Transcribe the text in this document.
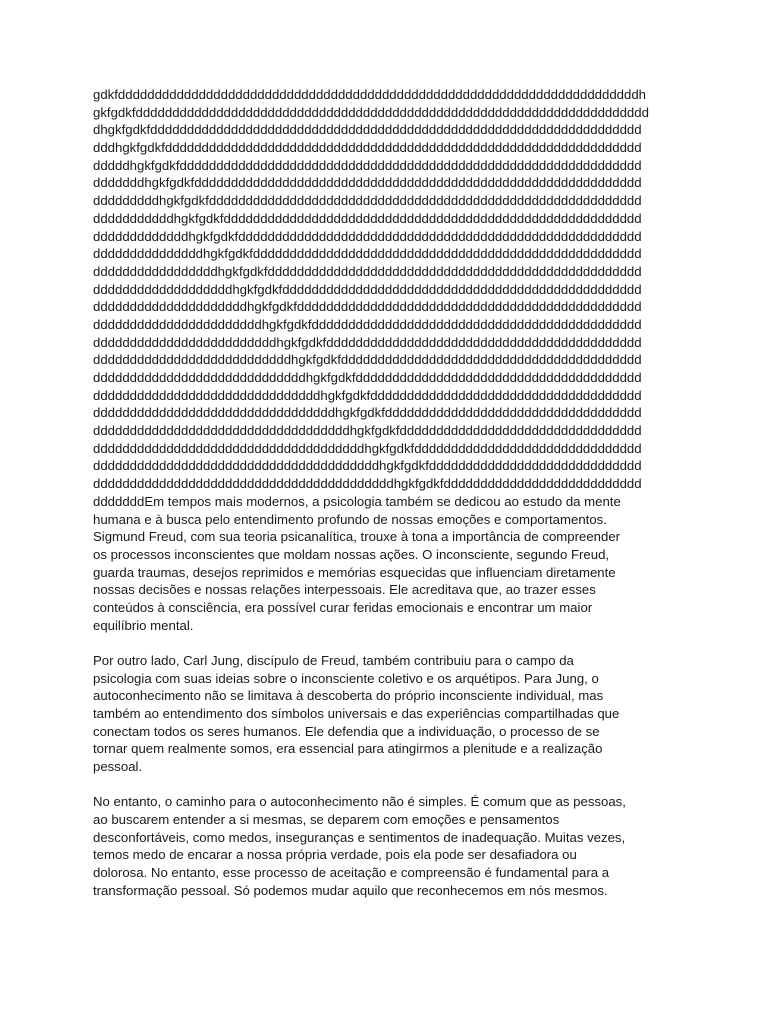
gdkfdddddddddddddddddddddddddddddddddddddddddddddddddddddddddddddddddddddddh
gkfgdkfdddddddddddddddddddddddddddddddddddddddddddddddddddddddddddddddddddddd
dhgkfgdkfddddddddddddddddddddddddddddddddddddddddddddddddddddddddddddddddddd
dddhgkfgdkfddddddddddddddddddddddddddddddddddddddddddddddddddddddddddddddddd
dddddhgkfgdkfddddddddddddddddddddddddddddddddddddddddddddddddddddddddddddddd
dddddddhgkfgdkfddddddddddddddddddddddddddddddddddddddddddddddddddddddddddddd
dddddddddhgkfgdkfddddddddddddddddddddddddddddddddddddddddddddddddddddddddddd
dddddddddddhgkfgdkfddddddddddddddddddddddddddddddddddddddddddddddddddddddddd
dddddddddddddhgkfgdkfddddddddddddddddddddddddddddddddddddddddddddddddddddddd
dddddddddddddddhgkfgdkfddddddddddddddddddddddddddddddddddddddddddddddddddddd
dddddddddddddddddhgkfgdkfddddddddddddddddddddddddddddddddddddddddddddddddddd
dddddddddddddddddddhgkfgdkfddddddddddddddddddddddddddddddddddddddddddddddddd
dddddddddddddddddddddhgkfgdkfddddddddddddddddddddddddddddddddddddddddddddddd
dddddddddddddddddddddddhgkfgdkfddddddddddddddddddddddddddddddddddddddddddddd
dddddddddddddddddddddddddhgkfgdkfddddddddddddddddddddddddddddddddddddddddddd
dddddddddddddddddddddddddddhgkfgdkfddddddddddddddddddddddddddddddddddddddddd
dddddddddddddddddddddddddddddhgkfgdkfddddddddddddddddddddddddddddddddddddddd
dddddddddddddddddddddddddddddddhgkfgdkfddddddddddddddddddddddddddddddddddddd
dddddddddddddddddddddddddddddddddhgkfgdkfddddddddddddddddddddddddddddddddddd
dddddddddddddddddddddddddddddddddddhgkfgdkfddddddddddddddddddddddddddddddddd
dddddddddddddddddddddddddddddddddddddhgkfgdkfddddddddddddddddddddddddddddddd
dddddddddddddddddddddddddddddddddddddddhgkfgdkfddddddddddddddddddddddddddddd
dddddddddddddddddddddddddddddddddddddddddhgkfgdkfddddddddddddddddddddddddddd

dddddddEm tempos mais modernos, a psicologia também se dedicou ao estudo da mente
humana e à busca pelo entendimento profundo de nossas emoções e comportamentos.
Sigmund Freud, com sua teoria psicanalítica, trouxe à tona a importância de compreender
os processos inconscientes que moldam nossas ações. O inconsciente, segundo Freud,
guarda traumas, desejos reprimidos e memórias esquecidas que influenciam diretamente
nossas decisões e nossas relações interpessoais. Ele acreditava que, ao trazer esses
conteúdos à consciência, era possível curar feridas emocionais e encontrar um maior
equilíbrio mental.

Por outro lado, Carl Jung, discípulo de Freud, também contribuiu para o campo da
psicologia com suas ideias sobre o inconsciente coletivo e os arquétipos. Para Jung, o
autoconhecimento não se limitava à descoberta do próprio inconsciente individual, mas
também ao entendimento dos símbolos universais e das experiências compartilhadas que
conectam todos os seres humanos. Ele defendia que a individuação, o processo de se
tornar quem realmente somos, era essencial para atingirmos a plenitude e a realização
pessoal.

No entanto, o caminho para o autoconhecimento não é simples. É comum que as pessoas,
ao buscarem entender a si mesmas, se deparem com emoções e pensamentos
desconfortáveis, como medos, inseguranças e sentimentos de inadequação. Muitas vezes,
temos medo de encarar a nossa própria verdade, pois ela pode ser desafiadora ou
dolorosa. No entanto, esse processo de aceitação e compreensão é fundamental para a
transformação pessoal. Só podemos mudar aquilo que reconhecemos em nós mesmos.
